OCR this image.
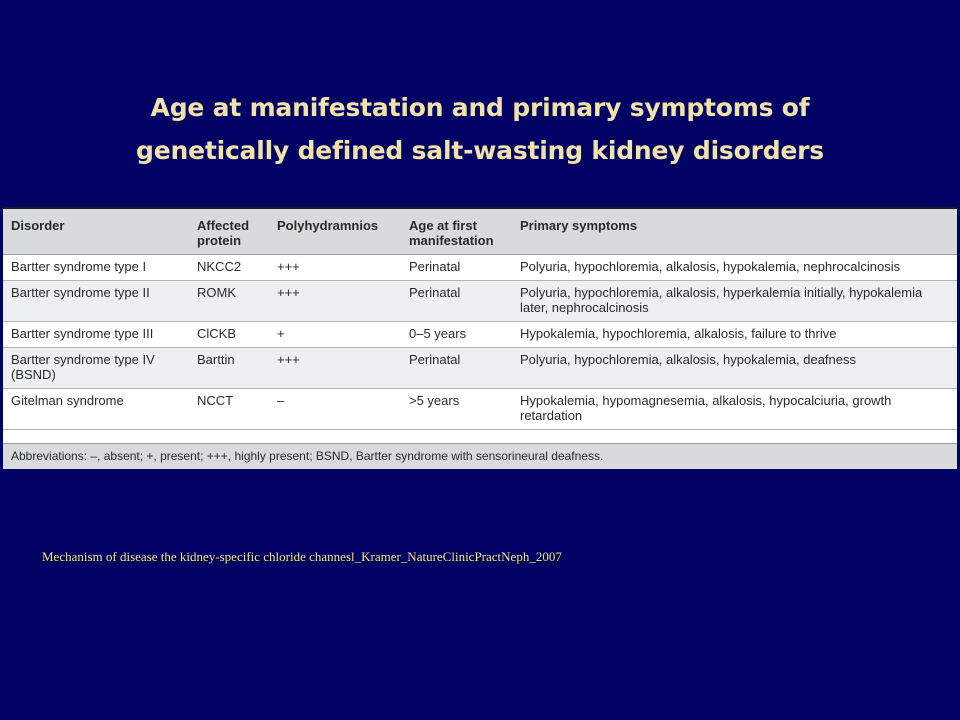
Age at manifestation and primary symptoms of
genetically defined salt-wasting kidney disorders
Disorder	Affected protein	Polyhydramnios	Age at first manifestation	Primary symptoms
Bartter syndrome type I	NKCC2	+++	Perinatal	Polyuria, hypochloremia, alkalosis, hypokalemia, nephrocalcinosis
Bartter syndrome type II	ROMK	+++	Perinatal	Polyuria, hypochloremia, alkalosis, hyperkalemia initially, hypokalemia later, nephrocalcinosis
Bartter syndrome type III	ClCKB	+	0–5 years	Hypokalemia, hypochloremia, alkalosis, failure to thrive
Bartter syndrome type IV (BSND)	Barttin	+++	Perinatal	Polyuria, hypochloremia, alkalosis, hypokalemia, deafness
Gitelman syndrome	NCCT	–	>5 years	Hypokalemia, hypomagnesemia, alkalosis, hypocalciuria, growth retardation
Abbreviations: –, absent; +, present; +++, highly present; BSND, Bartter syndrome with sensorineural deafness.
Mechanism of disease the kidney-specific chloride channesl_Kramer_NatureClinicPractNeph_2007
